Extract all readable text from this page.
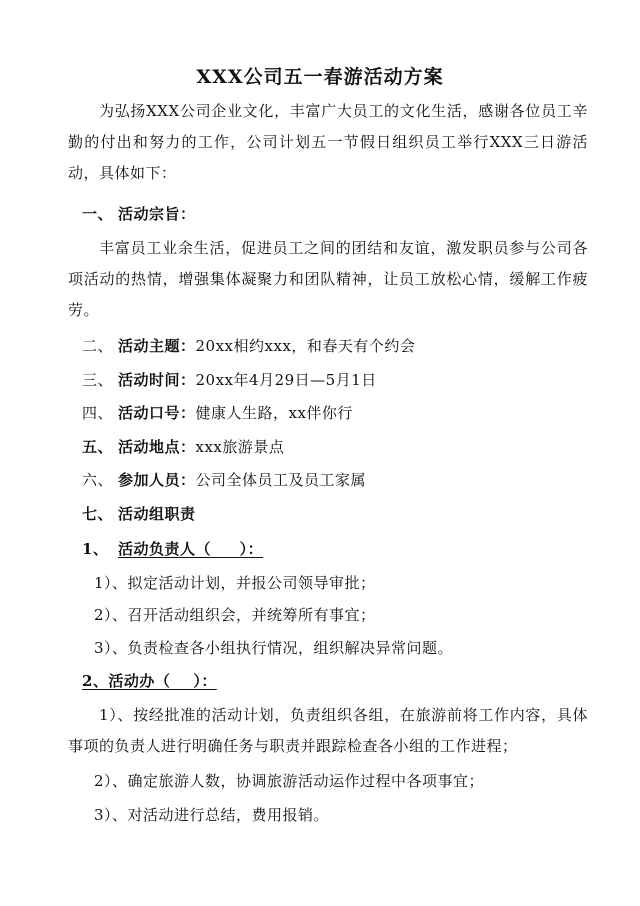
XXX公司五一春游活动方案
为弘扬XXX公司企业文化，丰富广大员工的文化生活，感谢各位员工辛勤的付出和努力的工作，公司计划五一节假日组织员工举行XXX三日游活动，具体如下：
一、 活动宗旨：
丰富员工业余生活，促进员工之间的团结和友谊，激发职员参与公司各项活动的热情，增强集体凝聚力和团队精神，让员工放松心情，缓解工作疲劳。
二、 活动主题：20xx相约xxx，和春天有个约会
三、 活动时间：20xx年4月29日—5月1日
四、 活动口号：健康人生路，xx伴你行
五、 活动地点：xxx旅游景点
六、 参加人员：公司全体员工及员工家属
七、 活动组职责
1、 活动负责人（     ）：
1）、拟定活动计划，并报公司领导审批；
2）、召开活动组织会，并统筹所有事宜；
3）、负责检查各小组执行情况，组织解决异常问题。
2、活动办（    ）：
1）、按经批准的活动计划，负责组织各组，在旅游前将工作内容，具体事项的负责人进行明确任务与职责并跟踪检查各小组的工作进程；
2）、确定旅游人数，协调旅游活动运作过程中各项事宜；
3）、对活动进行总结，费用报销。
